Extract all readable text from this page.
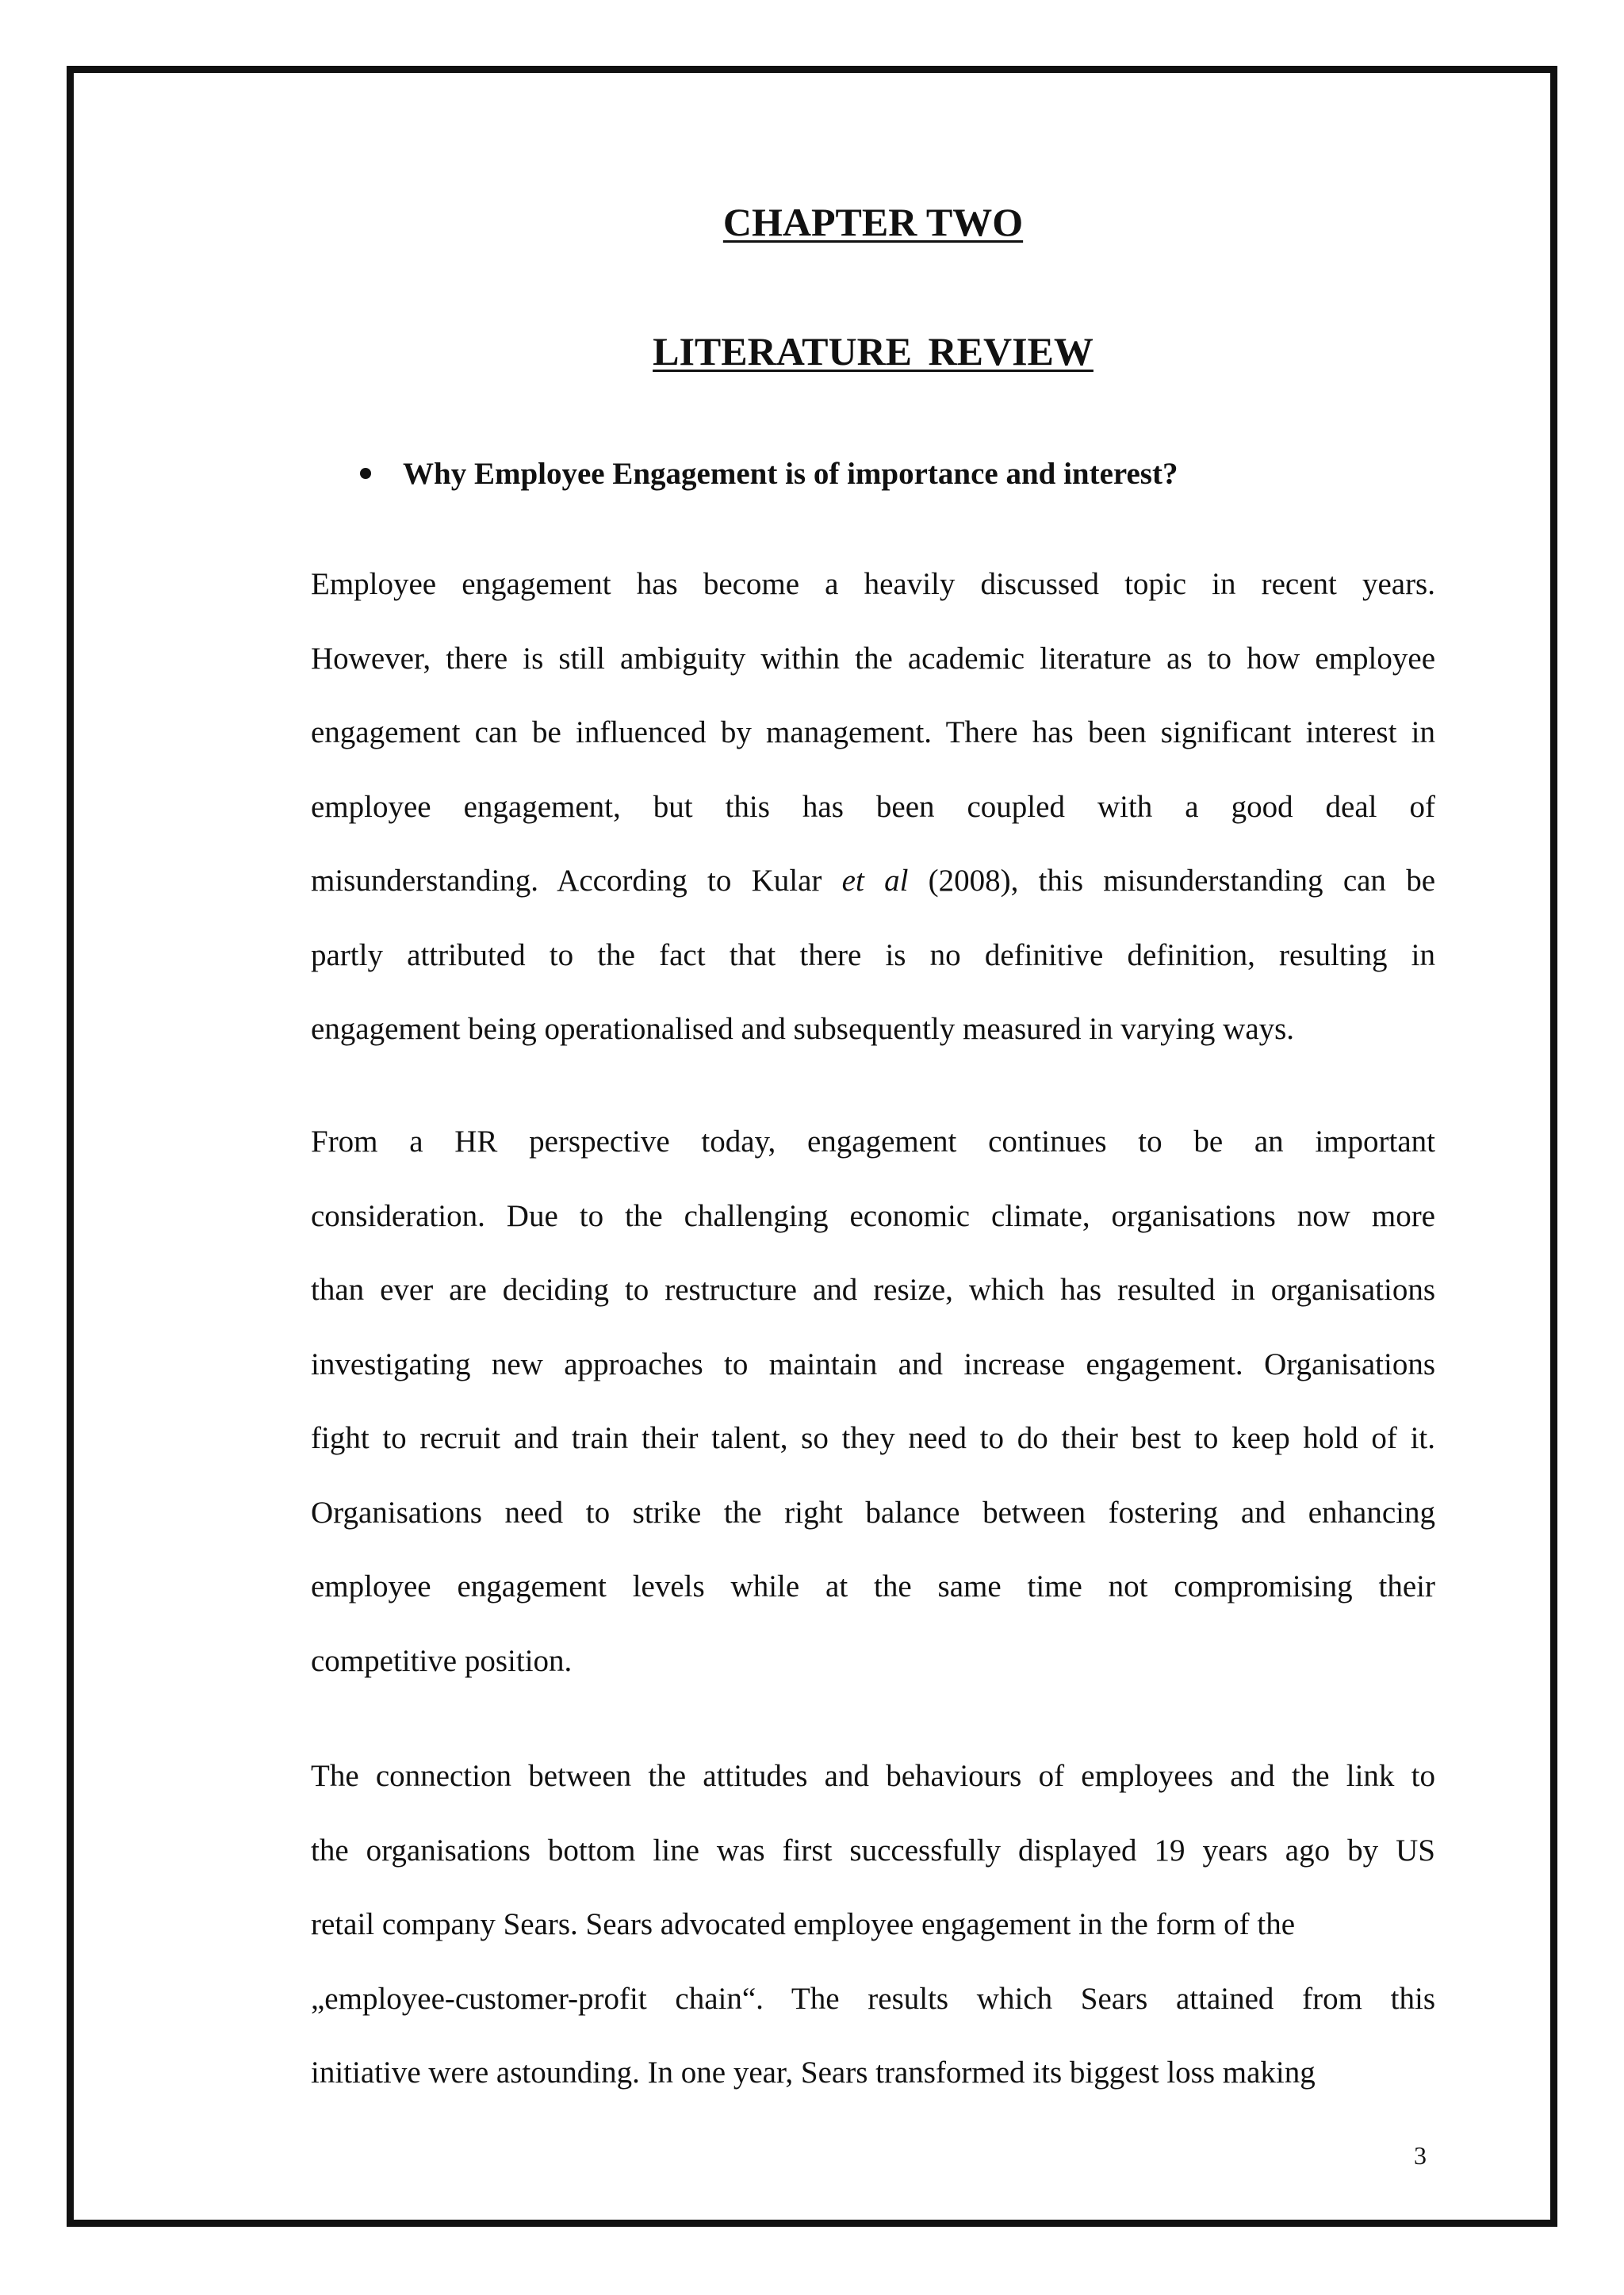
CHAPTER TWO
LITERATURE REVIEW
Why Employee Engagement is of importance and interest?

Employee engagement has become a heavily discussed topic in recent years.
However, there is still ambiguity within the academic literature as to how employee
engagement can be influenced by management. There has been significant interest in
employee engagement, but this has been coupled with a good deal of
misunderstanding. According to Kular et al (2008), this misunderstanding can be
partly attributed to the fact that there is no definitive definition, resulting in
engagement being operationalised and subsequently measured in varying ways.

From a HR perspective today, engagement continues to be an important
consideration. Due to the challenging economic climate, organisations now more
than ever are deciding to restructure and resize, which has resulted in organisations
investigating new approaches to maintain and increase engagement. Organisations
fight to recruit and train their talent, so they need to do their best to keep hold of it.
Organisations need to strike the right balance between fostering and enhancing
employee engagement levels while at the same time not compromising their
competitive position.

The connection between the attitudes and behaviours of employees and the link to
the organisations bottom line was first successfully displayed 19 years ago by US
retail company Sears. Sears advocated employee engagement in the form of the
„employee-customer-profit chain“. The results which Sears attained from this
initiative were astounding. In one year, Sears transformed its biggest loss making

3
